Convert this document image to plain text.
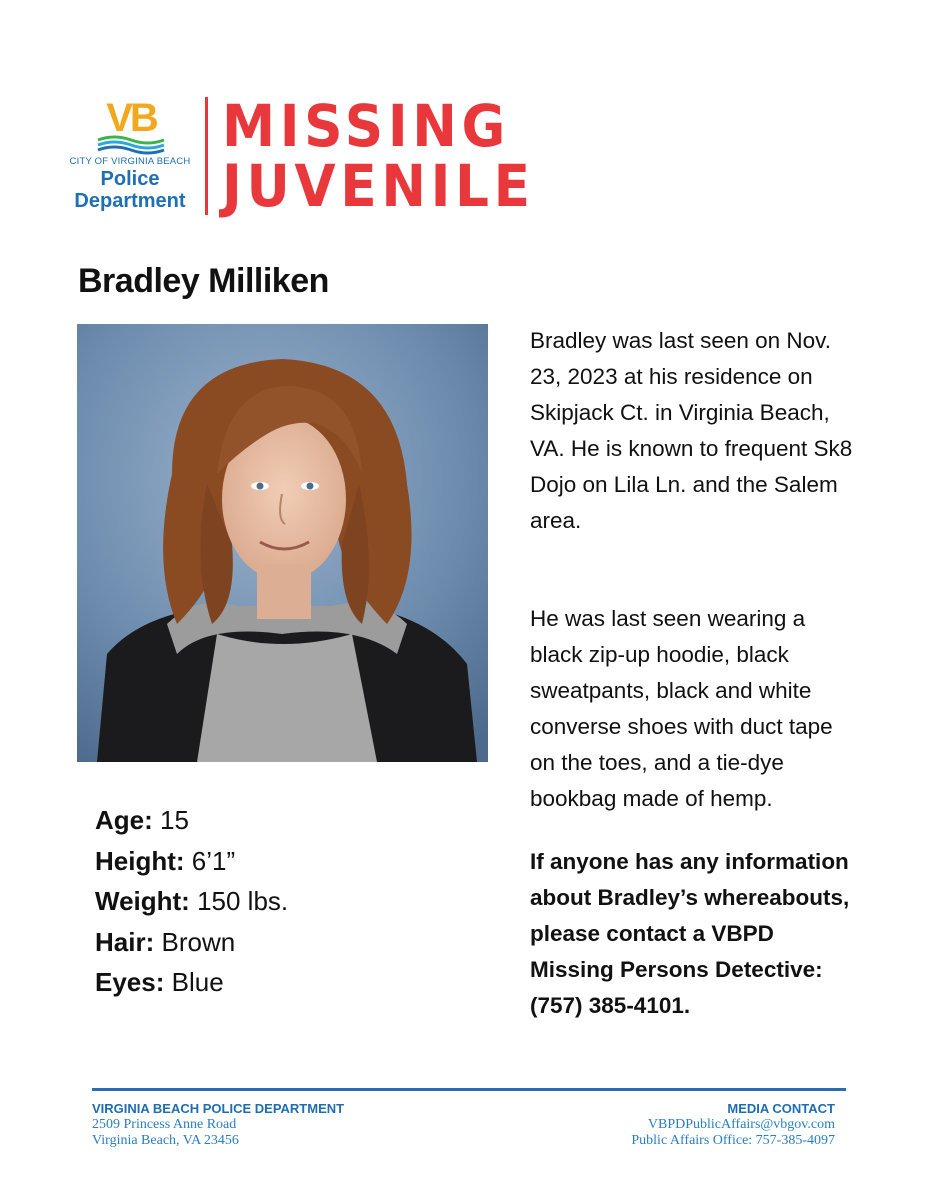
VB
CITY OF VIRGINIA BEACH
Police
Department
MISSING
JUVENILE
Bradley Milliken
Age: 15
Height: 6’1”
Weight: 150 lbs.
Hair: Brown
Eyes: Blue
Bradley was last seen on Nov. 23, 2023 at his residence on Skipjack Ct. in Virginia Beach, VA. He is known to frequent Sk8 Dojo on Lila Ln. and the Salem area.
He was last seen wearing a black zip-up hoodie, black sweatpants, black and white converse shoes with duct tape on the toes, and a tie-dye bookbag made of hemp.
If anyone has any information about Bradley’s whereabouts, please contact a VBPD Missing Persons Detective: (757) 385-4101.
VIRGINIA BEACH POLICE DEPARTMENT
2509 Princess Anne Road
Virginia Beach, VA 23456
MEDIA CONTACT
VBPDPublicAffairs@vbgov.com
Public Affairs Office: 757-385-4097
